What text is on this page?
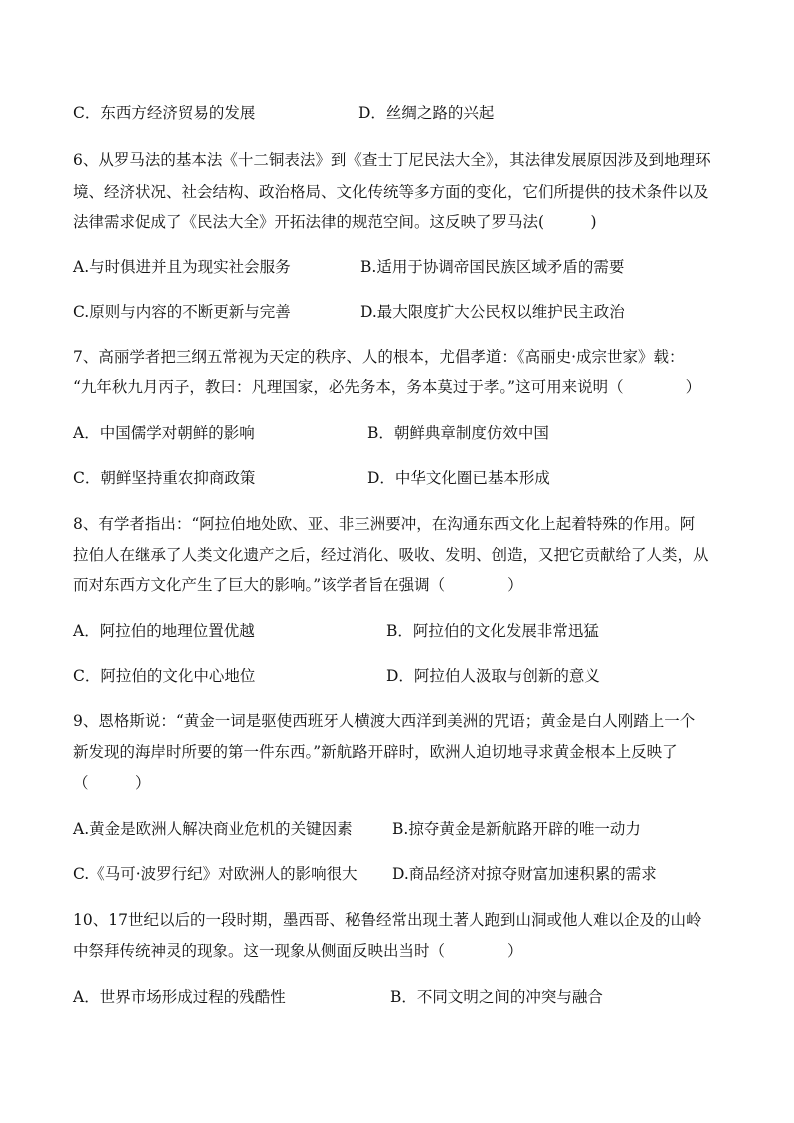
C．东西方经济贸易的发展	D．丝绸之路的兴起
6、从罗马法的基本法《十二铜表法》到《查士丁尼民法大全》，其法律发展原因涉及到地理环
境、经济状况、社会结构、政治格局、文化传统等多方面的变化，它们所提供的技术条件以及
法律需求促成了《民法大全》开拓法律的规范空间。这反映了罗马法(　　　)
A.与时俱进并且为现实社会服务	B.适用于协调帝国民族区域矛盾的需要
C.原则与内容的不断更新与完善	D.最大限度扩大公民权以维护民主政治
7、高丽学者把三纲五常视为天定的秩序、人的根本，尤倡孝道：《高丽史·成宗世家》载：
“九年秋九月丙子，教曰：凡理国家，必先务本，务本莫过于孝。”这可用来说明（　　　　）
A．中国儒学对朝鲜的影响	B．朝鲜典章制度仿效中国
C．朝鲜坚持重农抑商政策	D．中华文化圈已基本形成
8、有学者指出：“阿拉伯地处欧、亚、非三洲要冲，在沟通东西文化上起着特殊的作用。阿
拉伯人在继承了人类文化遗产之后，经过消化、吸收、发明、创造，又把它贡献给了人类，从
而对东西方文化产生了巨大的影响。”该学者旨在强调（　　　　）
A．阿拉伯的地理位置优越	B．阿拉伯的文化发展非常迅猛
C．阿拉伯的文化中心地位	D．阿拉伯人汲取与创新的意义
9、恩格斯说：“黄金一词是驱使西班牙人横渡大西洋到美洲的咒语；黄金是白人刚踏上一个
新发现的海岸时所要的第一件东西。”新航路开辟时，欧洲人迫切地寻求黄金根本上反映了
（　　　）
A.黄金是欧洲人解决商业危机的关键因素	B.掠夺黄金是新航路开辟的唯一动力
C.《马可·波罗行纪》对欧洲人的影响很大 D.商品经济对掠夺财富加速积累的需求
10、17世纪以后的一段时期，墨西哥、秘鲁经常出现土著人跑到山洞或他人难以企及的山岭
中祭拜传统神灵的现象。这一现象从侧面反映出当时（　　　　）
A．世界市场形成过程的残酷性	B．不同文明之间的冲突与融合
